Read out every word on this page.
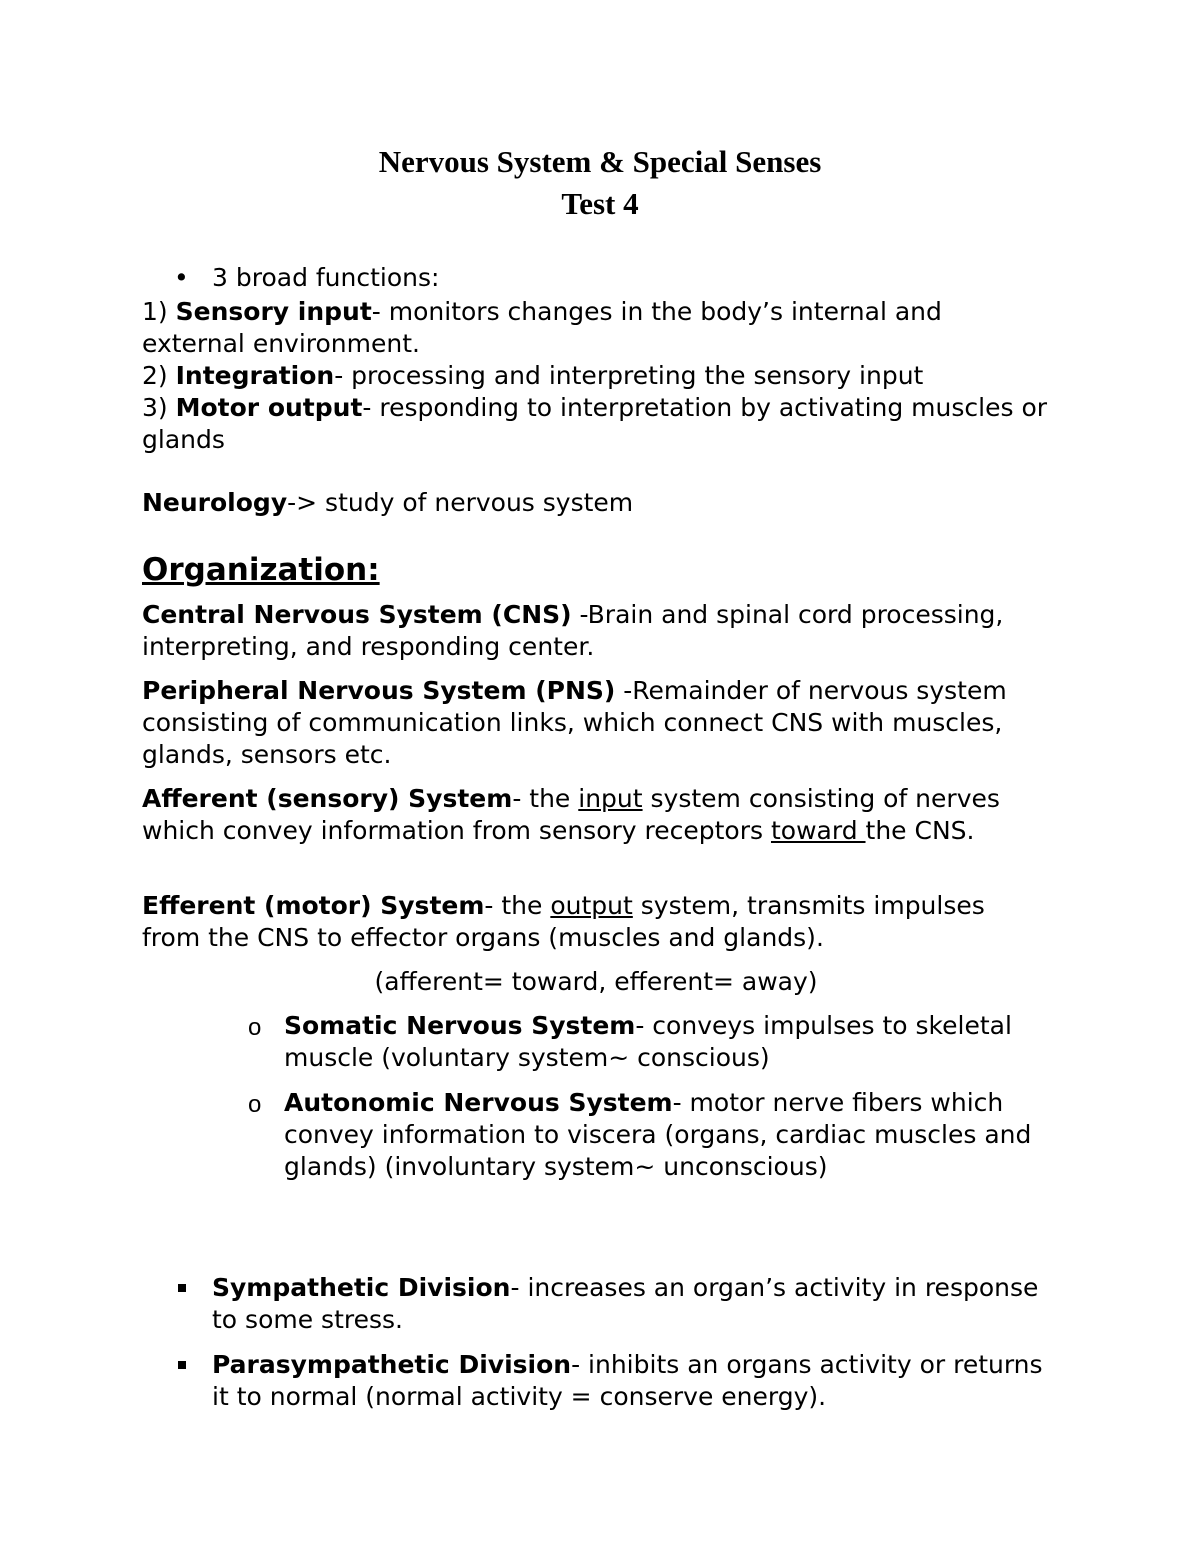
Nervous System & Special Senses
Test 4
• 3 broad functions:
1) Sensory input- monitors changes in the body’s internal and external environment.
2) Integration- processing and interpreting the sensory input
3) Motor output- responding to interpretation by activating muscles or glands
Neurology-> study of nervous system
Organization:
Central Nervous System (CNS) -Brain and spinal cord processing, interpreting, and responding center.
Peripheral Nervous System (PNS) -Remainder of nervous system consisting of communication links, which connect CNS with muscles, glands, sensors etc.
Afferent (sensory) System- the input system consisting of nerves which convey information from sensory receptors toward the CNS.
Efferent (motor) System- the output system, transmits impulses from the CNS to effector organs (muscles and glands).
(afferent= toward, efferent= away)
o Somatic Nervous System- conveys impulses to skeletal muscle (voluntary system~ conscious)
o Autonomic Nervous System- motor nerve fibers which convey information to viscera (organs, cardiac muscles and glands) (involuntary system~ unconscious)
Sympathetic Division- increases an organ’s activity in response to some stress.
Parasympathetic Division- inhibits an organs activity or returns it to normal (normal activity = conserve energy).
